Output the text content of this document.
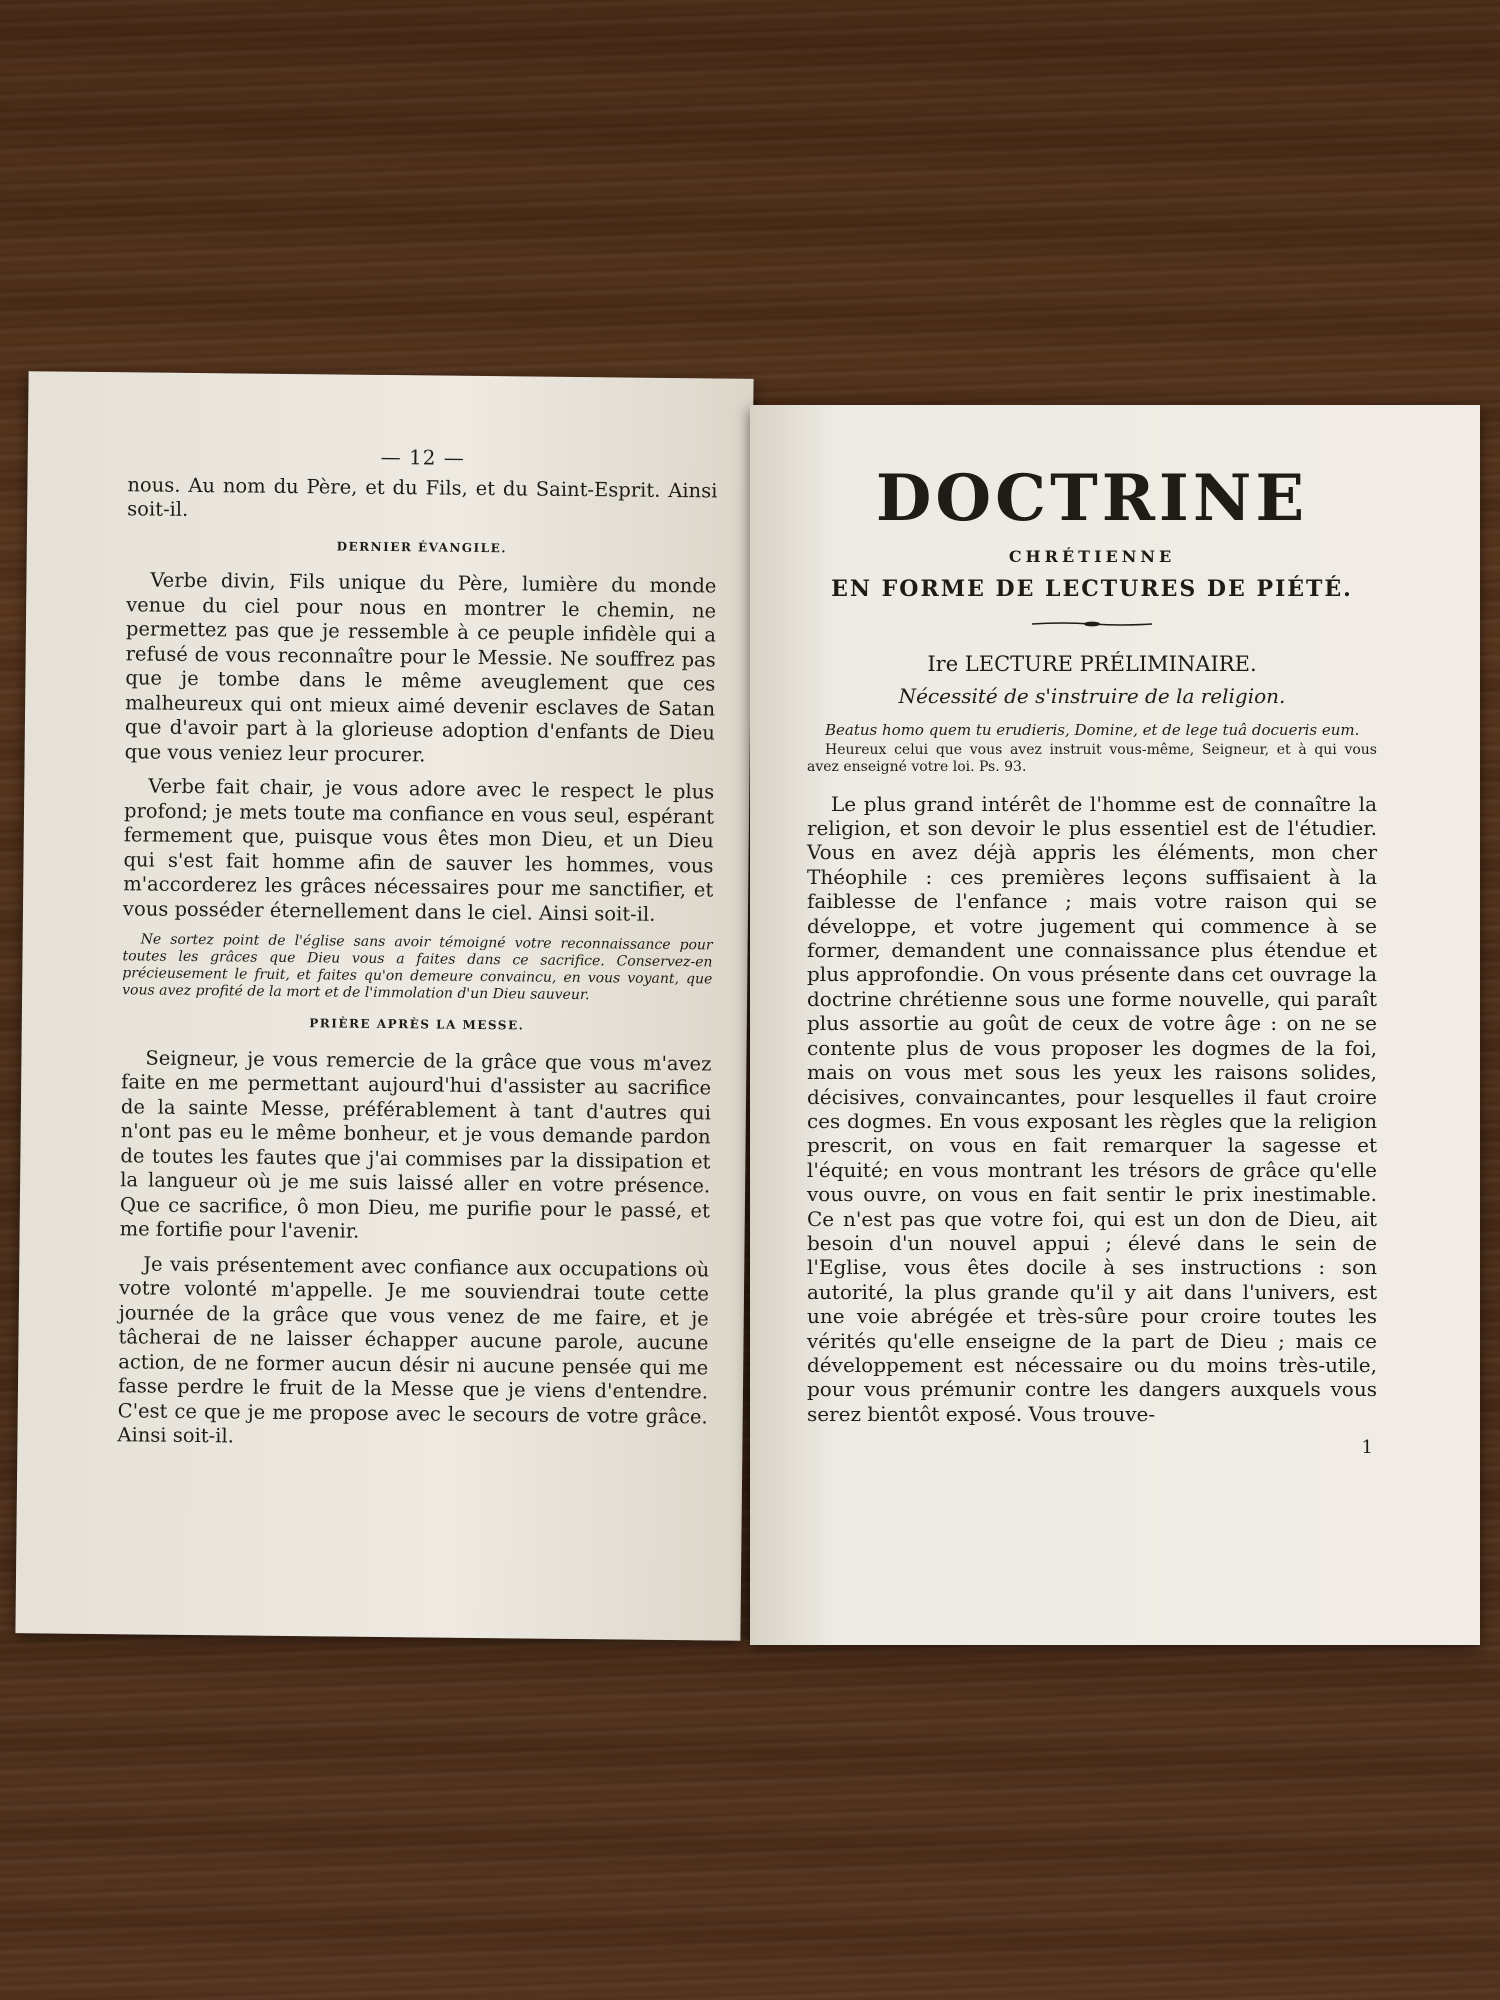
— 12 —

nous. Au nom du Père, et du Fils, et du Saint-Esprit. Ainsi soit-il.

DERNIER ÉVANGILE.

Verbe divin, Fils unique du Père, lumière du monde venue du ciel pour nous en montrer le chemin, ne permettez pas que je ressemble à ce peuple infidèle qui a refusé de vous reconnaître pour le Messie. Ne souffrez pas que je tombe dans le même aveuglement que ces malheureux qui ont mieux aimé devenir esclaves de Satan que d'avoir part à la glorieuse adoption d'enfants de Dieu que vous veniez leur procurer.

Verbe fait chair, je vous adore avec le respect le plus profond; je mets toute ma confiance en vous seul, espérant fermement que, puisque vous êtes mon Dieu, et un Dieu qui s'est fait homme afin de sauver les hommes, vous m'accorderez les grâces nécessaires pour me sanctifier, et vous posséder éternellement dans le ciel. Ainsi soit-il.

Ne sortez point de l'église sans avoir témoigné votre reconnaissance pour toutes les grâces que Dieu vous a faites dans ce sacrifice. Conservez-en précieusement le fruit, et faites qu'on demeure convaincu, en vous voyant, que vous avez profité de la mort et de l'immolation d'un Dieu sauveur.

PRIÈRE APRÈS LA MESSE.

Seigneur, je vous remercie de la grâce que vous m'avez faite en me permettant aujourd'hui d'assister au sacrifice de la sainte Messe, préférablement à tant d'autres qui n'ont pas eu le même bonheur, et je vous demande pardon de toutes les fautes que j'ai commises par la dissipation et la langueur où je me suis laissé aller en votre présence. Que ce sacrifice, ô mon Dieu, me purifie pour le passé, et me fortifie pour l'avenir.

Je vais présentement avec confiance aux occupations où votre volonté m'appelle. Je me souviendrai toute cette journée de la grâce que vous venez de me faire, et je tâcherai de ne laisser échapper aucune parole, aucune action, de ne former aucun désir ni aucune pensée qui me fasse perdre le fruit de la Messe que je viens d'entendre. C'est ce que je me propose avec le secours de votre grâce. Ainsi soit-il.

DOCTRINE
CHRÉTIENNE
EN FORME DE LECTURES DE PIÉTÉ.
Ire LECTURE PRÉLIMINAIRE.
Nécessité de s'instruire de la religion.

Beatus homo quem tu erudieris, Domine, et de lege tuâ docueris eum.

Heureux celui que vous avez instruit vous-même, Seigneur, et à qui vous avez enseigné votre loi. Ps. 93.

Le plus grand intérêt de l'homme est de connaître la religion, et son devoir le plus essentiel est de l'étudier. Vous en avez déjà appris les éléments, mon cher Théophile : ces premières leçons suffisaient à la faiblesse de l'enfance ; mais votre raison qui se développe, et votre jugement qui commence à se former, demandent une connaissance plus étendue et plus approfondie. On vous présente dans cet ouvrage la doctrine chrétienne sous une forme nouvelle, qui paraît plus assortie au goût de ceux de votre âge : on ne se contente plus de vous proposer les dogmes de la foi, mais on vous met sous les yeux les raisons solides, décisives, convaincantes, pour lesquelles il faut croire ces dogmes. En vous exposant les règles que la religion prescrit, on vous en fait remarquer la sagesse et l'équité; en vous montrant les trésors de grâce qu'elle vous ouvre, on vous en fait sentir le prix inestimable. Ce n'est pas que votre foi, qui est un don de Dieu, ait besoin d'un nouvel appui ; élevé dans le sein de l'Eglise, vous êtes docile à ses instructions : son autorité, la plus grande qu'il y ait dans l'univers, est une voie abrégée et très-sûre pour croire toutes les vérités qu'elle enseigne de la part de Dieu ; mais ce développement est nécessaire ou du moins très-utile, pour vous prémunir contre les dangers auxquels vous serez bientôt exposé. Vous trouve-

1
